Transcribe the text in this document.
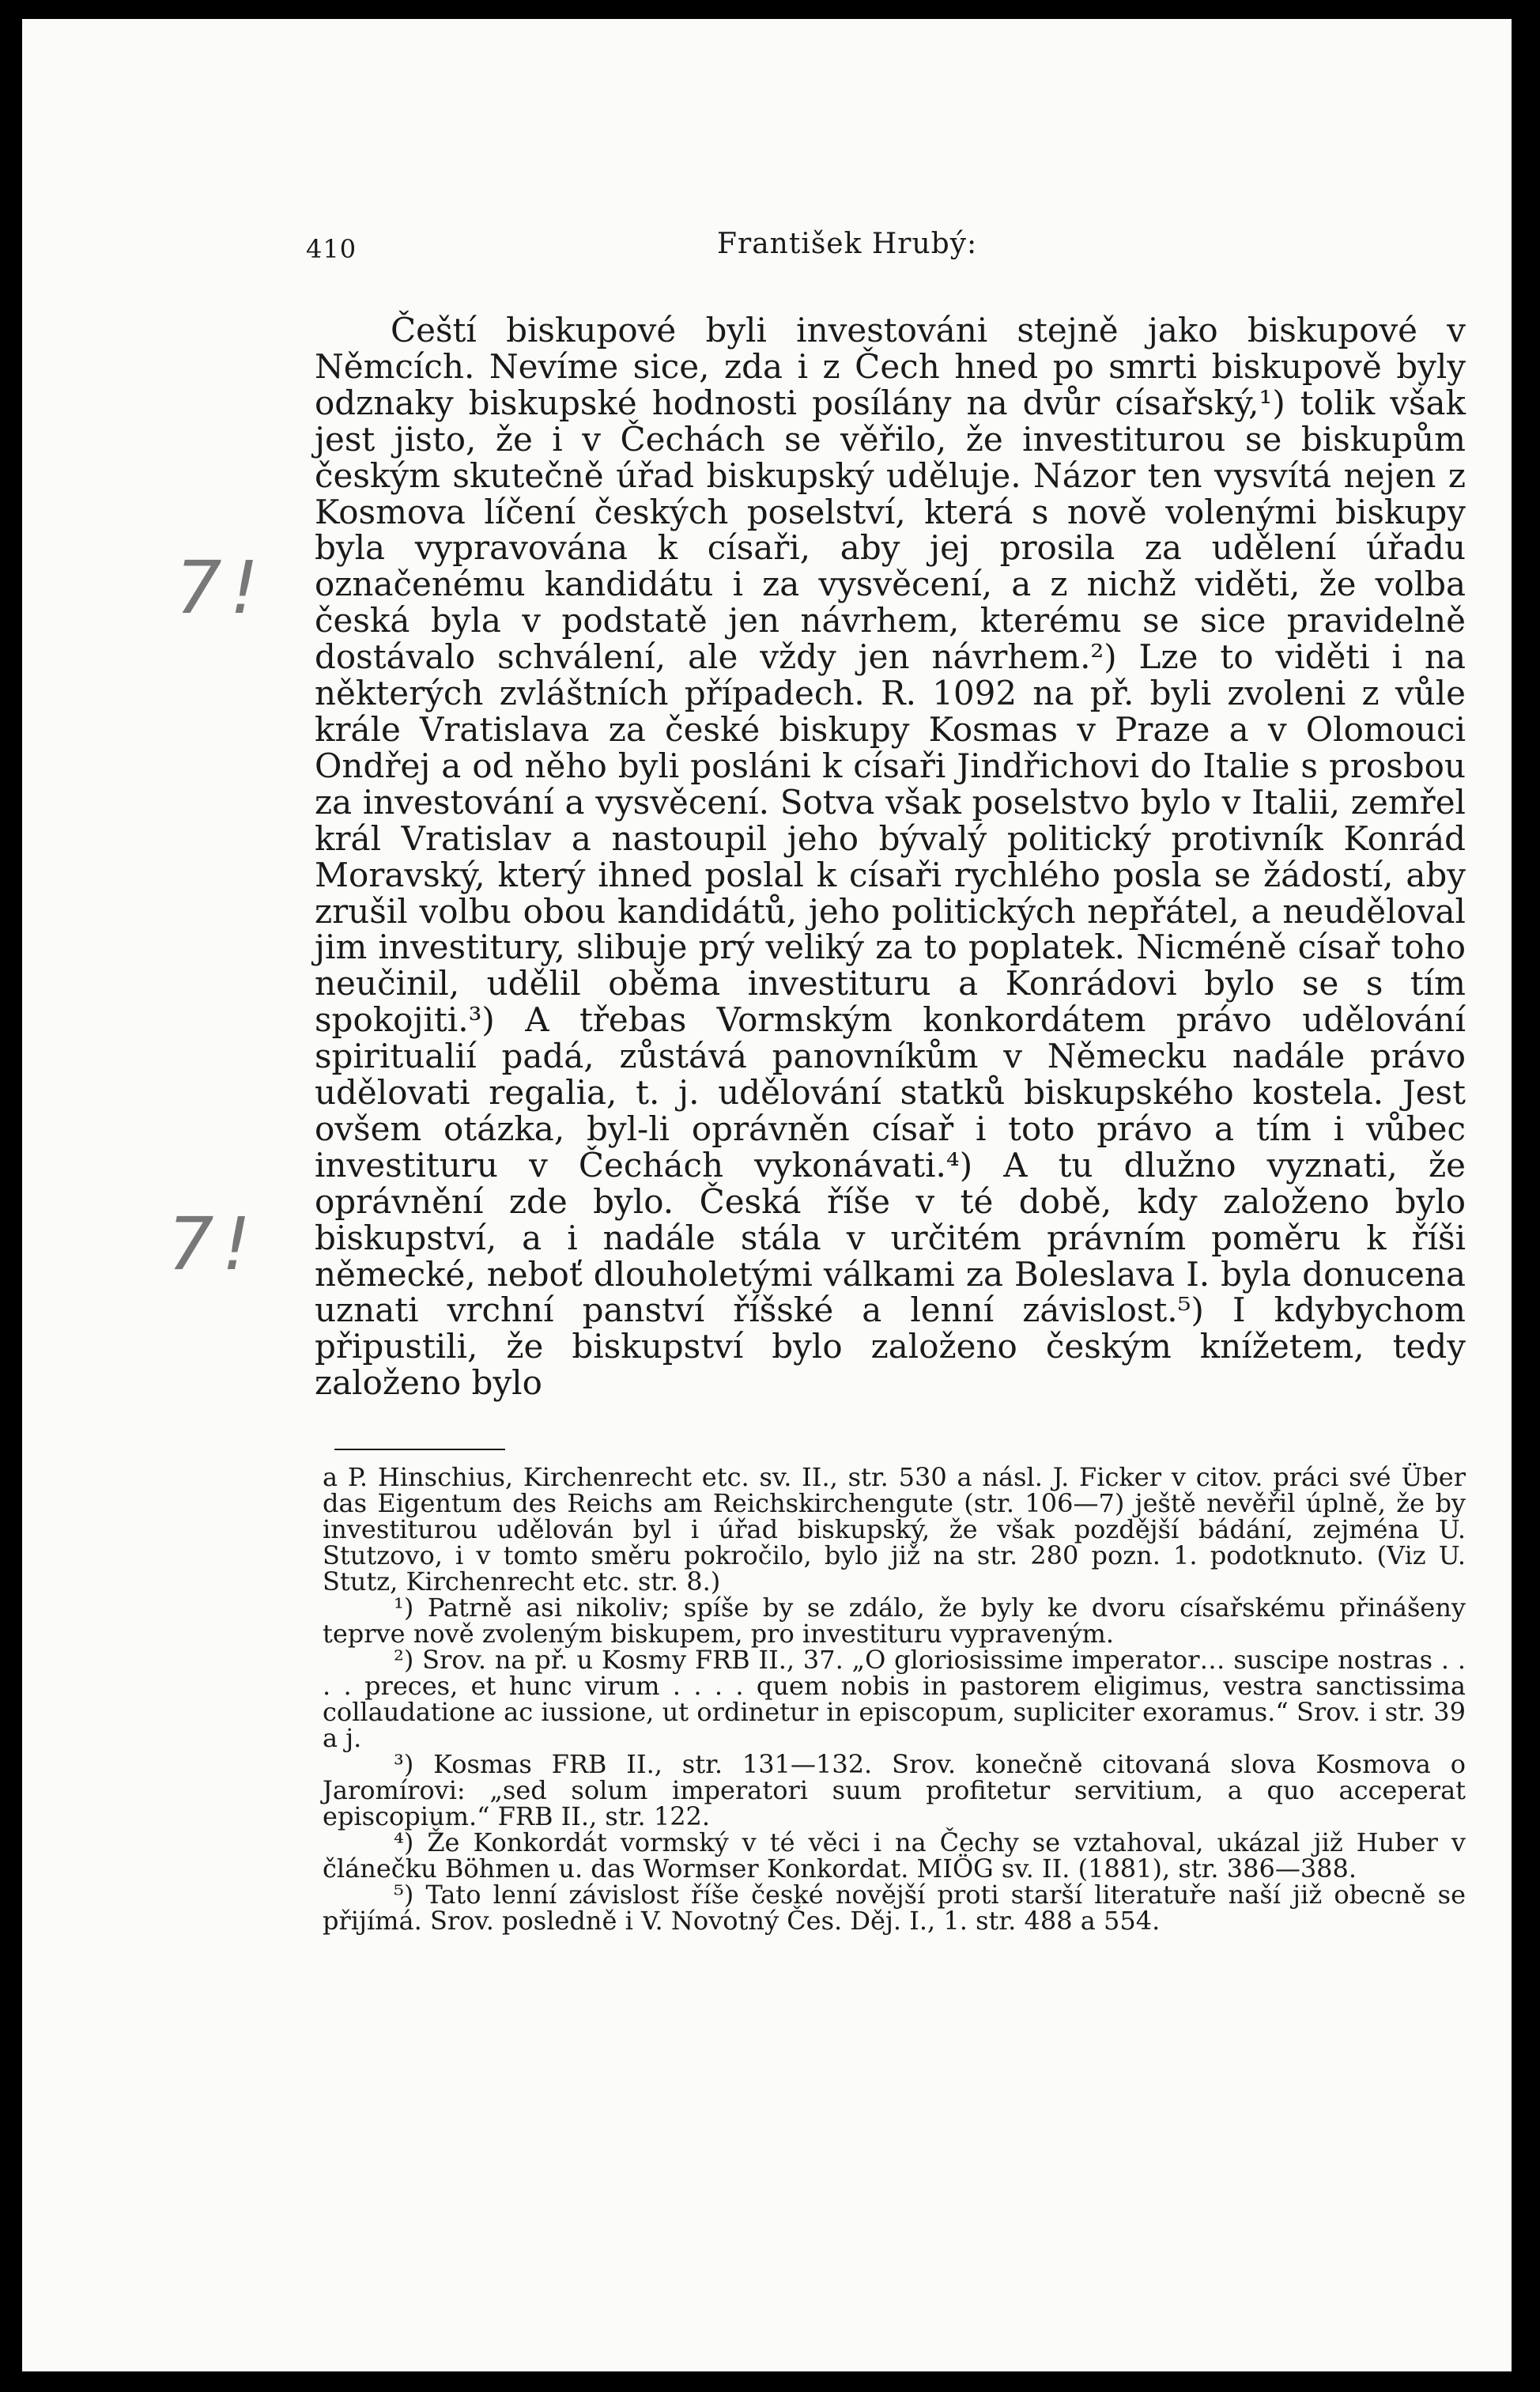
410	František Hrubý:

Čeští biskupové byli investováni stejně jako biskupové v Němcích. Nevíme sice, zda i z Čech hned po smrti biskupově byly odznaky biskupské hodnosti posílány na dvůr císařský,¹) tolik však jest jisto, že i v Čechách se věřilo, že investiturou se biskupům českým skutečně úřad biskupský uděluje. Názor ten vysvítá nejen z Kosmova líčení českých poselství, která s nově volenými biskupy byla vypravována k císaři, aby jej prosila za udělení úřadu označenému kandidátu i za vysvěcení, a z nichž viděti, že volba česká byla v podstatě jen návrhem, kterému se sice pravidelně dostávalo schválení, ale vždy jen návrhem.²) Lze to viděti i na některých zvláštních případech. R. 1092 na př. byli zvoleni z vůle krále Vratislava za české biskupy Kosmas v Praze a v Olomouci Ondřej a od něho byli posláni k císaři Jindřichovi do Italie s prosbou za investování a vysvěcení. Sotva však poselstvo bylo v Italii, zemřel král Vratislav a nastoupil jeho bývalý politický protivník Konrád Moravský, který ihned poslal k císaři rychlého posla se žádostí, aby zrušil volbu obou kandidátů, jeho politických nepřátel, a neuděloval jim investitury, slibuje prý veliký za to poplatek. Nicméně císař toho neučinil, udělil oběma investituru a Konrádovi bylo se s tím spokojiti.³) A třebas Vormským konkordátem právo udělování spiritualií padá, zůstává panovníkům v Německu nadále právo udělovati regalia, t. j. udělování statků biskupského kostela. Jest ovšem otázka, byl-li oprávněn císař i toto právo a tím i vůbec investituru v Čechách vykonávati.⁴) A tu dlužno vyznati, že oprávnění zde bylo. Česká říše v té době, kdy založeno bylo biskupství, a i nadále stála v určitém právním poměru k říši německé, neboť dlouholetými válkami za Boleslava I. byla donucena uznati vrchní panství říšské a lenní závislost.⁵) I kdybychom připustili, že biskupství bylo založeno českým knížetem, tedy založeno bylo

7!
7!

a P. Hinschius, Kirchenrecht etc. sv. II., str. 530 a násl. J. Ficker v citov. práci své Über das Eigentum des Reichs am Reichskirchengute (str. 106—7) ještě nevěřil úplně, že by investiturou udělován byl i úřad biskupský, že však pozdější bádání, zejména U. Stutzovo, i v tomto směru pokročilo, bylo již na str. 280 pozn. 1. podotknuto. (Viz U. Stutz, Kirchenrecht etc. str. 8.)

¹) Patrně asi nikoliv; spíše by se zdálo, že byly ke dvoru císařskému přinášeny teprve nově zvoleným biskupem, pro investituru vypraveným.

²) Srov. na př. u Kosmy FRB II., 37. „O gloriosissime imperator… suscipe nostras . . . . preces, et hunc virum . . . . quem nobis in pastorem eligimus, vestra sanctissima collaudatione ac iussione, ut ordinetur in episcopum, supliciter exoramus.“ Srov. i str. 39 a j.

³) Kosmas FRB II., str. 131—132. Srov. konečně citovaná slova Kosmova o Jaromírovi: „sed solum imperatori suum profitetur servitium, a quo acceperat episcopium.“ FRB II., str. 122.

⁴) Že Konkordát vormský v té věci i na Čechy se vztahoval, ukázal již Huber v článečku Böhmen u. das Wormser Konkordat. MIÖG sv. II. (1881), str. 386—388.

⁵) Tato lenní závislost říše české novější proti starší literatuře naší již obecně se přijímá. Srov. posledně i V. Novotný Čes. Děj. I., 1. str. 488 a 554.
